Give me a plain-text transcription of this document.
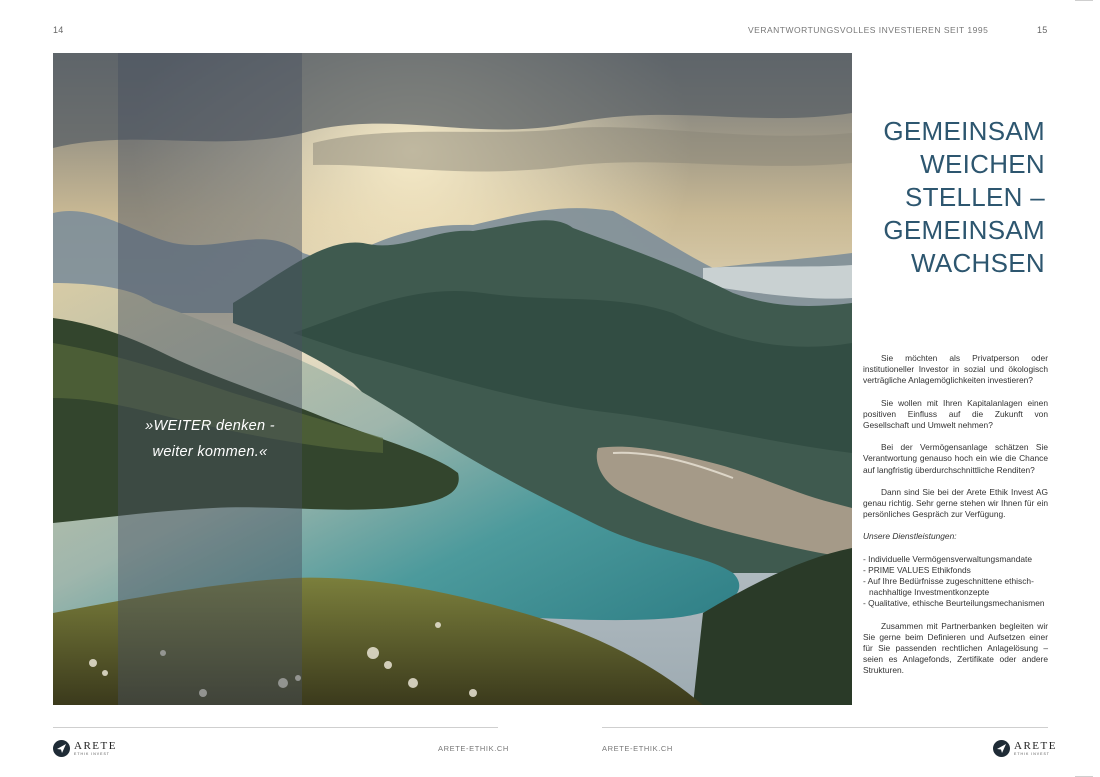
14	VERANTWORTUNGSVOLLES INVESTIEREN SEIT 1995	15
»WEITER denken -
weiter kommen.«
GEMEINSAM
WEICHEN
STELLEN –
GEMEINSAM
WACHSEN

Sie möchten als Privatperson oder institutioneller Investor in sozial und ökologisch verträgliche Anlagemöglichkeiten investieren?

Sie wollen mit Ihren Kapitalanlagen einen positiven Einfluss auf die Zukunft von Gesellschaft und Umwelt nehmen?

Bei der Vermögensanlage schätzen Sie Verantwortung genauso hoch ein wie die Chance auf langfristig überdurchschnittliche Renditen?

Dann sind Sie bei der Arete Ethik Invest AG genau richtig. Sehr gerne stehen wir Ihnen für ein persönliches Gespräch zur Verfügung.

Unsere Dienstleistungen:

- Individuelle Vermögensverwaltungsmandate
- PRIME VALUES Ethikfonds
- Auf Ihre Bedürfnisse zugeschnittene ethisch-nachhaltige Investmentkonzepte
- Qualitative, ethische Beurteilungsmechanismen

Zusammen mit Partnerbanken begleiten wir Sie gerne beim Definieren und Aufsetzen einer für Sie passenden rechtlichen Anlagelösung – seien es Anlagefonds, Zertifikate oder andere Strukturen.

ARETE
ETHIK INVEST
ARETE-ETHIK.CH	ARETE-ETHIK.CH	ARETE
ETHIK INVEST
